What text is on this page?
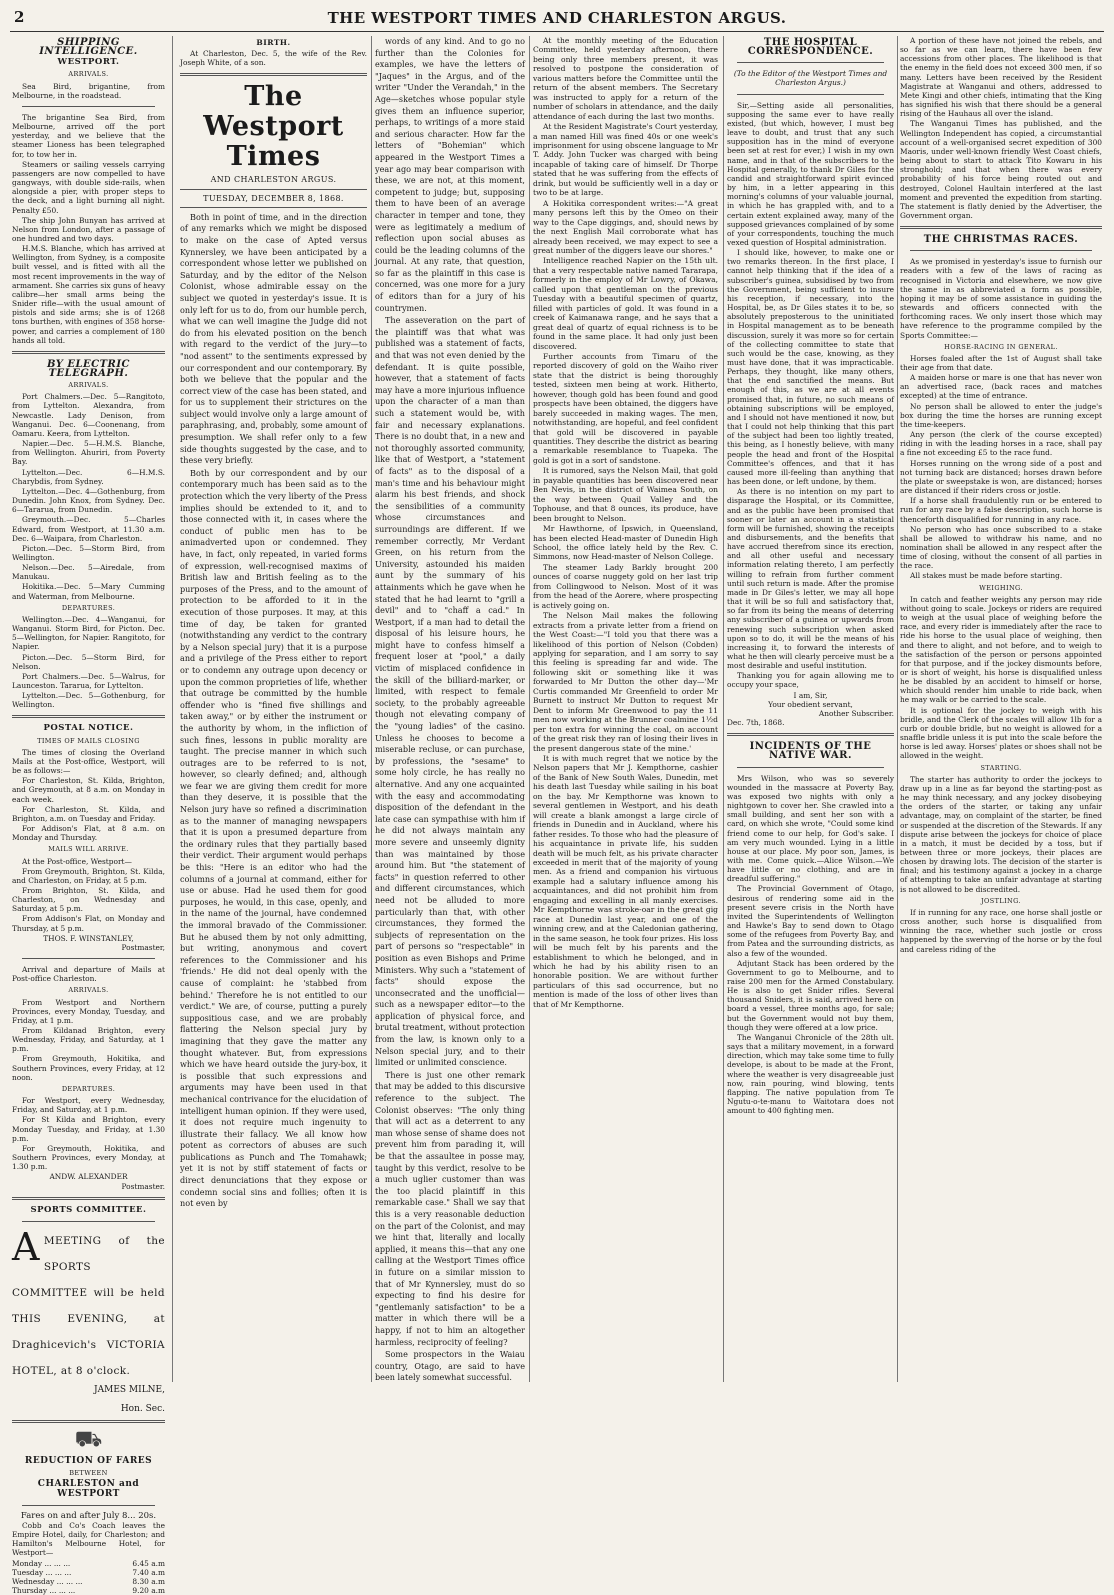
2	THE WESTPORT TIMES AND CHARLESTON ARGUS.
SHIPPING INTELLIGENCE.
WESTPORT.
ARRIVALS.

Sea Bird, brigantine, from Melbourne, in the roadstead.

The brigantine Sea Bird, from Melbourne, arrived off the port yesterday, and we believe that the steamer Lioness has been telegraphed for, to tow her in.

Steamers or sailing vessels carrying passengers are now compelled to have gangways, with double side-rails, when alongside a pier, with proper steps to the deck, and a light burning all night. Penalty £50.

The ship John Bunyan has arrived at Nelson from London, after a passage of one hundred and two days.

H.M.S. Blanche, which has arrived at Wellington, from Sydney, is a composite built vessel, and is fitted with all the most recent improvements in the way of armament. She carries six guns of heavy calibre—her small arms being the Snider rifle—with the usual amount of pistols and side arms; she is of 1268 tons burthen, with engines of 358 horse-power, and carries a complement of 180 hands all told.

BY ELECTRIC TELEGRAPH.
ARRIVALS.

Port Chalmers.—Dec. 5—Rangitoto, from Lyttelton. Alexandra, from Newcastle. Lady Denison, from Wanganui. Dec. 6—Coonenang, from Oamaru. Keera, from Lyttelton.

Napier.—Dec. 5—H.M.S. Blanche, from Wellington. Ahuriri, from Poverty Bay.

Lyttelton.—Dec. 6—H.M.S. Charybdis, from Sydney.

Lyttelton.—Dec. 4—Gothenburg, from Dunedin. John Knox, from Sydney. Dec. 6—Tararua, from Dunedin.

Greymouth.—Dec. 5—Charles Edward, from Westport, at 11.30 a.m. Dec. 6—Waipara, from Charleston.

Picton.—Dec. 5—Storm Bird, from Wellington.

Nelson.—Dec. 5—Airedale, from Manukau.

Hokitika.—Dec. 5—Mary Cumming and Waterman, from Melbourne.

DEPARTURES.

Wellington.—Dec. 4—Wanganui, for Wanganui. Storm Bird, for Picton. Dec. 5—Wellington, for Napier. Rangitoto, for Napier.

Picton.—Dec. 5—Storm Bird, for Nelson.

Port Chalmers.—Dec. 5—Walrus, for Launceston. Tararua, for Lyttelton.

Lyttelton.—Dec. 5—Gothenburg, for Wellington.

POSTAL NOTICE.
TIMES OF MAILS CLOSING

The times of closing the Overland Mails at the Post-office, Westport, will be as follows:—

For Charleston, St. Kilda, Brighton, and Greymouth, at 8 a.m. on Monday in each week.

For Charleston, St. Kilda, and Brighton, a.m. on Tuesday and Friday.

For Addison's Flat, at 8 a.m. on Monday and Thursday.

MAILS WILL ARRIVE.

At the Post-office, Westport—

From Greymouth, Brighton, St. Kilda, and Charleston, on Friday, at 5 p.m.

From Brighton, St. Kilda, and Charleston, on Wednesday and Saturday, at 5 p.m.

From Addison's Flat, on Monday and Thursday, at 5 p.m.

THOS. F. WINSTANLEY,
Postmaster,

Arrival and departure of Mails at Post-office Charleston.

ARRIVALS.

From Westport and Northern Provinces, every Monday, Tuesday, and Friday, at 1 p.m.

From Kildanad Brighton, every Wednesday, Friday, and Saturday, at 1 p.m.

From Greymouth, Hokitika, and Southern Provinces, every Friday, at 12 noon.

DEPARTURES.

For Westport, every Wednesday, Friday, and Saturday, at 1 p.m.

For St Kilda and Brighton, every Monday Tuesday, and Friday, at 1.30 p.m.

For Greymouth, Hokitika, and Southern Provinces, every Monday, at 1.30 p.m.

ANDW. ALEXANDER
Postmaster.
SPORTS COMMITTEE.
AMEETING of the SPORTS COMMITTEE will be held THIS EVENING, at Draghicevich's VICTORIA HOTEL, at 8 o'clock.
JAMES MILNE,
Hon. Sec.
⛟
REDUCTION OF FARES
BETWEEN
CHARLESTON and WESTPORT
Fares on and after July 8... 20s.

Cobb and Co's Coach leaves the Empire Hotel, daily, for Charleston; and Hamilton's Melbourne Hotel, for Westport—

Monday ... ... ...	6.45 a.m
Tuesday ... ... ...	7.40 a.m
Wednesday ... ... ...	8.30 a.m
Thursday ... ... ...	9.20 a.m
BIRTH.

At Charleston, Dec. 5, the wife of the Rev. Joseph White, of a son.

The Westport Times
AND CHARLESTON ARGUS.
TUESDAY, DECEMBER 8, 1868.

Both in point of time, and in the direction of any remarks which we might be disposed to make on the case of Apted versus Kynnersley, we have been anticipated by a correspondent whose letter we published on Saturday, and by the editor of the Nelson Colonist, whose admirable essay on the subject we quoted in yesterday's issue. It is only left for us to do, from our humble perch, what we can well imagine the Judge did not do from his elevated position on the bench with regard to the verdict of the jury—to "nod assent" to the sentiments expressed by our correspondent and our contemporary. By both we believe that the popular and the correct view of the case has been stated, and for us to supplement their strictures on the subject would involve only a large amount of paraphrasing, and, probably, some amount of presumption. We shall refer only to a few side thoughts suggested by the case, and to these very briefly.

Both by our correspondent and by our contemporary much has been said as to the protection which the very liberty of the Press implies should be extended to it, and to those connected with it, in cases where the conduct of public men has to be animadverted upon or condemned. They have, in fact, only repeated, in varied forms of expression, well-recognised maxims of British law and British feeling as to the purposes of the Press, and to the amount of protection to be afforded to it in the execution of those purposes. It may, at this time of day, be taken for granted (notwithstanding any verdict to the contrary by a Nelson special jury) that it is a purpose and a privilege of the Press either to report or to condemn any outrage upon decency or upon the common proprieties of life, whether that outrage be committed by the humble offender who is "fined five shillings and taken away," or by either the instrument or the authority by whom, in the infliction of such fines, lessons in public morality are taught. The precise manner in which such outrages are to be referred to is not, however, so clearly defined; and, although we fear we are giving them credit for more than they deserve, it is possible that the Nelson jury have so refined a discrimination as to the manner of managing newspapers that it is upon a presumed departure from the ordinary rules that they partially based their verdict. Their argument would perhaps be this: "Here is an editor who had the columns of a journal at command, either for use or abuse. Had he used them for good purposes, he would, in this case, openly, and in the name of the journal, have condemned the immoral bravado of the Commissioner. But he abused them by not only admitting, but writing, anonymous and covert references to the Commissioner and his 'friends.' He did not deal openly with the cause of complaint: he 'stabbed from behind.' Therefore he is not entitled to our verdict." We are, of course, putting a purely suppositious case, and we are probably flattering the Nelson special jury by imagining that they gave the matter any thought whatever. But, from expressions which we have heard outside the jury-box, it is possible that such expressions and arguments may have been used in that mechanical contrivance for the elucidation of intelligent human opinion. If they were used, it does not require much ingenuity to illustrate their fallacy. We all know how potent as correctors of abuses are such publications as Punch and The Tomahawk; yet it is not by stiff statement of facts or direct denunciations that they expose or condemn social sins and follies; often it is not even by

words of any kind. And to go no further than the Colonies for examples, we have the letters of "Jaques" in the Argus, and of the writer "Under the Verandah," in the Age—sketches whose popular style gives them an influence superior, perhaps, to writings of a more staid and serious character. How far the letters of "Bohemian" which appeared in the Westport Times a year ago may bear comparison with these, we are not, at this moment, competent to judge; but, supposing them to have been of an average character in temper and tone, they were as legitimately a medium of reflection upon social abuses as could be the leading columns of the journal. At any rate, that question, so far as the plaintiff in this case is concerned, was one more for a jury of editors than for a jury of his countrymen.

The asseveration on the part of the plaintiff was that what was published was a statement of facts, and that was not even denied by the defendant. It is quite possible, however, that a statement of facts may have a more injurious influence upon the character of a man than such a statement would be, with fair and necessary explanations. There is no doubt that, in a new and not thoroughly assorted community, like that of Westport, a "statement of facts" as to the disposal of a man's time and his behaviour might alarm his best friends, and shock the sensibilities of a community whose circumstances and surroundings are different. If we remember correctly, Mr Verdant Green, on his return from the University, astounded his maiden aunt by the summary of his attainments which he gave when he stated that he had learnt to "grill a devil" and to "chaff a cad." In Westport, if a man had to detail the disposal of his leisure hours, he might have to confess himself a frequent loser at "pool," a daily victim of misplaced confidence in the skill of the billiard-marker, or limited, with respect to female society, to the probably agreeable though not elevating company of the "young ladies" of the casino. Unless he chooses to become a miserable recluse, or can purchase, by professions, the "sesame" to some holy circle, he has really no alternative. And any one acquainted with the easy and accommodating disposition of the defendant in the late case can sympathise with him if he did not always maintain any more severe and unseemly dignity than was maintained by those around him. But "the statement of facts" in question referred to other and different circumstances, which need not be alluded to more particularly than that, with other circumstances, they formed the subjects of representation on the part of persons so "respectable" in position as even Bishops and Prime Ministers. Why such a "statement of facts" should expose the unconsecrated and the unofficial—such as a newspaper editor—to the application of physical force, and brutal treatment, without protection from the law, is known only to a Nelson special jury, and to their limited or unlimited conscience.

There is just one other remark that may be added to this discursive reference to the subject. The Colonist observes: "The only thing that will act as a deterrent to any man whose sense of shame does not prevent him from parading it, will be that the assaultee in posse may, taught by this verdict, resolve to be a much uglier customer than was the too placid plaintiff in this remarkable case." Shall we say that this is a very reasonable deduction on the part of the Colonist, and may we hint that, literally and locally applied, it means this—that any one calling at the Westport Times office in future on a similar mission to that of Mr Kynnersley, must do so expecting to find his desire for "gentlemanly satisfaction" to be a matter in which there will be a happy, if not to him an altogether harmless, reciprocity of feeling?

Some prospectors in the Waiau country, Otago, are said to have been lately somewhat successful.

At the monthly meeting of the Education Committee, held yesterday afternoon, there being only three members present, it was resolved to postpone the consideration of various matters before the Committee until the return of the absent members. The Secretary was instructed to apply for a return of the number of scholars in attendance, and the daily attendance of each during the last two months.

At the Resident Magistrate's Court yesterday, a man named Hill was fined 40s or one week's imprisonment for using obscene language to Mr T. Addy. John Tucker was charged with being incapable of taking care of himself. Dr Thorpe stated that he was suffering from the effects of drink, but would be sufficiently well in a day or two to be at large.

A Hokitika correspondent writes:—"A great many persons left this by the Omeo on their way to the Cape diggings, and, should news by the next English Mail corroborate what has already been received, we may expect to see a great number of the diggers leave our shores."

Intelligence reached Napier on the 15th ult. that a very respectable native named Tararapa, formerly in the employ of Mr Lowry, of Okawa, called upon that gentleman on the previous Tuesday with a beautiful specimen of quartz, filled with particles of gold. It was found in a creek of Kaimanawa range, and he says that a great deal of quartz of equal richness is to be found in the same place. It had only just been discovered.

Further accounts from Timaru of the reported discovery of gold on the Waiho river state that the district is being thoroughly tested, sixteen men being at work. Hitherto, however, though gold has been found and good prospects have been obtained, the diggers have barely succeeded in making wages. The men, notwithstanding, are hopeful, and feel confident that gold will be discovered in payable quantities. They describe the district as bearing a remarkable resemblance to Tuapeka. The gold is got in a sort of sandstone.

It is rumored, says the Nelson Mail, that gold in payable quantities has been discovered near Ben Nevis, in the district of Waimea South, on the way between Quail Valley and the Tophouse, and that 8 ounces, its produce, have been brought to Nelson.

Mr Hawthorne, of Ipswich, in Queensland, has been elected Head-master of Dunedin High School, the office lately held by the Rev. C. Simmons, now Head-master of Nelson College.

The steamer Lady Barkly brought 200 ounces of coarse nuggety gold on her last trip from Collingwood to Nelson. Most of it was from the head of the Aorere, where prospecting is actively going on.

The Nelson Mail makes the following extracts from a private letter from a friend on the West Coast:—"I told you that there was a likelihood of this portion of Nelson (Cobden) applying for separation, and I am sorry to say this feeling is spreading far and wide. The following skit or something like it was forwarded to Mr Dutton the other day—'Mr Curtis commanded Mr Greenfield to order Mr Burnett to instruct Mr Dutton to request Mr Dent to inform Mr Greenwood to pay the 11 men now working at the Brunner coalmine 1½d per ton extra for winning the coal, on account of the great risk they ran of losing their lives in the present dangerous state of the mine.'

It is with much regret that we notice by the Nelson papers that Mr J. Kempthorne, cashier of the Bank of New South Wales, Dunedin, met his death last Tuesday while sailing in his boat on the bay. Mr Kempthorne was known to several gentlemen in Westport, and his death will create a blank amongst a large circle of friends in Dunedin and in Auckland, where his father resides. To those who had the pleasure of his acquaintance in private life, his sudden death will be much felt, as his private character exceeded in merit that of the majority of young men. As a friend and companion his virtuous example had a salutary influence among his acquaintances, and did not prohibit him from engaging and excelling in all manly exercises. Mr Kempthorne was stroke-oar in the great gig race at Dunedin last year, and one of the winning crew, and at the Caledonian gathering, in the same season, he took four prizes. His loss will be much felt by his parents and the establishment to which he belonged, and in which he had by his ability risen to an honorable position. We are without further particulars of this sad occurrence, but no mention is made of the loss of other lives than that of Mr Kempthorne.

THE HOSPITAL CORRESPONDENCE.

(To the Editor of the Westport Times and Charleston Argus.)

Sir,—Setting aside all personalities, supposing the same ever to have really existed, (but which, however, I must beg leave to doubt, and trust that any such supposition has in the mind of everyone been set at rest for ever,) I wish in my own name, and in that of the subscribers to the Hospital generally, to thank Dr Giles for the candid and straightforward spirit evinced by him, in a letter appearing in this morning's columns of your valuable journal, in which he has grappled with, and to a certain extent explained away, many of the supposed grievances complained of by some of your correspondents, touching the much vexed question of Hospital administration.

I should like, however, to make one or two remarks thereon. In the first place, I cannot help thinking that if the idea of a subscriber's guinea, subsidised by two from the Government, being sufficient to insure his reception, if necessary, into the Hospital, be, as Dr Giles states it to be, so absolutely preposterous to the uninitiated in Hospital management as to be beneath discussion, surely it was more so for certain of the collecting committee to state that such would be the case, knowing, as they must have done, that it was impracticable. Perhaps, they thought, like many others, that the end sanctified the means. But enough of this, as we are at all events promised that, in future, no such means of obtaining subscriptions will be employed, and I should not have mentioned it now, but that I could not help thinking that this part of the subject had been too lightly treated, this being, as I honestly believe, with many people the head and front of the Hospital Committee's offences, and that it has caused more ill-feeling than anything that has been done, or left undone, by them.

As there is no intention on my part to disparage the Hospital, or its Committee, and as the public have been promised that sooner or later an account in a statistical form will be furnished, showing the receipts and disbursements, and the benefits that have accrued therefrom since its erection, and all other useful and necessary information relating thereto, I am perfectly willing to refrain from further comment until such return is made. After the promise made in Dr Giles's letter, we may all hope that it will be so full and satisfactory that, so far from its being the means of deterring any subscriber of a guinea or upwards from renewing such subscription when asked upon so to do, it will be the means of his increasing it, to forward the interests of what he then will clearly perceive must be a most desirable and useful institution.

Thanking you for again allowing me to occupy your space,

I am, Sir,
Your obedient servant,
Another Subscriber.
Dec. 7th, 1868.
INCIDENTS OF THE NATIVE WAR.

Mrs Wilson, who was so severely wounded in the massacre at Poverty Bay, was exposed two nights with only a nightgown to cover her. She crawled into a small building, and sent her son with a card, on which she wrote, "Could some kind friend come to our help, for God's sake. I am very much wounded. Lying in a little house at our place. My poor son, James, is with me. Come quick.—Alice Wilson.—We have little or no clothing, and are in dreadful suffering."

The Provincial Government of Otago, desirous of rendering some aid in the present severe crisis in the North have invited the Superintendents of Wellington and Hawke's Bay to send down to Otago some of the refugees from Poverty Bay, and from Patea and the surrounding districts, as also a few of the wounded.

Adjutant Stack has been ordered by the Government to go to Melbourne, and to raise 200 men for the Armed Constabulary. He is also to get Snider rifles. Several thousand Sniders, it is said, arrived here on board a vessel, three months ago, for sale; but the Government would not buy them, though they were offered at a low price.

The Wanganui Chronicle of the 28th ult. says that a military movement, in a forward direction, which may take some time to fully develope, is about to be made at the Front, where the weather is very disagreeable just now, rain pouring, wind blowing, tents flapping. The native population from Te Ngutu-o-te-manu to Waitotara does not amount to 400 fighting men.

A portion of these have not joined the rebels, and so far as we can learn, there have been few accessions from other places. The likelihood is that the enemy in the field does not exceed 300 men, if so many. Letters have been received by the Resident Magistrate at Wanganui and others, addressed to Mete Kingi and other chiefs, intimating that the King has signified his wish that there should be a general rising of the Hauhaus all over the island.

The Wanganui Times has published, and the Wellington Independent has copied, a circumstantial account of a well-organised secret expedition of 300 Maoris, under well-known friendly West Coast chiefs, being about to start to attack Tito Kowaru in his stronghold; and that when there was every probability of his force being routed out and destroyed, Colonel Haultain interfered at the last moment and prevented the expedition from starting. The statement is flatly denied by the Advertiser, the Government organ.

THE CHRISTMAS RACES.

As we promised in yesterday's issue to furnish our readers with a few of the laws of racing as recognised in Victoria and elsewhere, we now give the same in as abbreviated a form as possible, hoping it may be of some assistance in guiding the stewards and officers connected with the forthcoming races. We only insert those which may have reference to the programme compiled by the Sports Committee:—

HORSE-RACING IN GENERAL.

Horses foaled after the 1st of August shall take their age from that date.

A maiden horse or mare is one that has never won an advertised race, (back races and matches excepted) at the time of entrance.

No person shall be allowed to enter the judge's box during the time the horses are running except the time-keepers.

Any person (the clerk of the course excepted) riding in with the leading horses in a race, shall pay a fine not exceeding £5 to the race fund.

Horses running on the wrong side of a post and not turning back are distanced; horses drawn before the plate or sweepstake is won, are distanced; horses are distanced if their riders cross or jostle.

If a horse shall fraudulently run or be entered to run for any race by a false description, such horse is thenceforth disqualified for running in any race.

No person who has once subscribed to a stake shall be allowed to withdraw his name, and no nomination shall be allowed in any respect after the time of closing, without the consent of all parties in the race.

All stakes must be made before starting.

WEIGHING.

In catch and feather weights any person may ride without going to scale. Jockeys or riders are required to weigh at the usual place of weighing before the race, and every rider is immediately after the race to ride his horse to the usual place of weighing, then and there to alight, and not before, and to weigh to the satisfaction of the person or persons appointed for that purpose, and if the jockey dismounts before, or is short of weight, his horse is disqualified unless he be disabled by an accident to himself or horse, which should render him unable to ride back, when he may walk or be carried to the scale.

It is optional for the jockey to weigh with his bridle, and the Clerk of the scales will allow 1lb for a curb or double bridle, but no weight is allowed for a snaffle bridle unless it is put into the scale before the horse is led away. Horses' plates or shoes shall not be allowed in the weight.

STARTING.

The starter has authority to order the jockeys to draw up in a line as far beyond the starting-post as he may think necessary, and any jockey disobeying the orders of the starter, or taking any unfair advantage, may, on complaint of the starter, be fined or suspended at the discretion of the Stewards. If any dispute arise between the jockeys for choice of place in a match, it must be decided by a toss, but if between three or more jockeys, their places are chosen by drawing lots. The decision of the starter is final; and his testimony against a jockey in a charge of attempting to take an unfair advantage at starting is not allowed to be discredited.

JOSTLING.

If in running for any race, one horse shall jostle or cross another, such horse is disqualified from winning the race, whether such jostle or cross happened by the swerving of the horse or by the foul and careless riding of the
